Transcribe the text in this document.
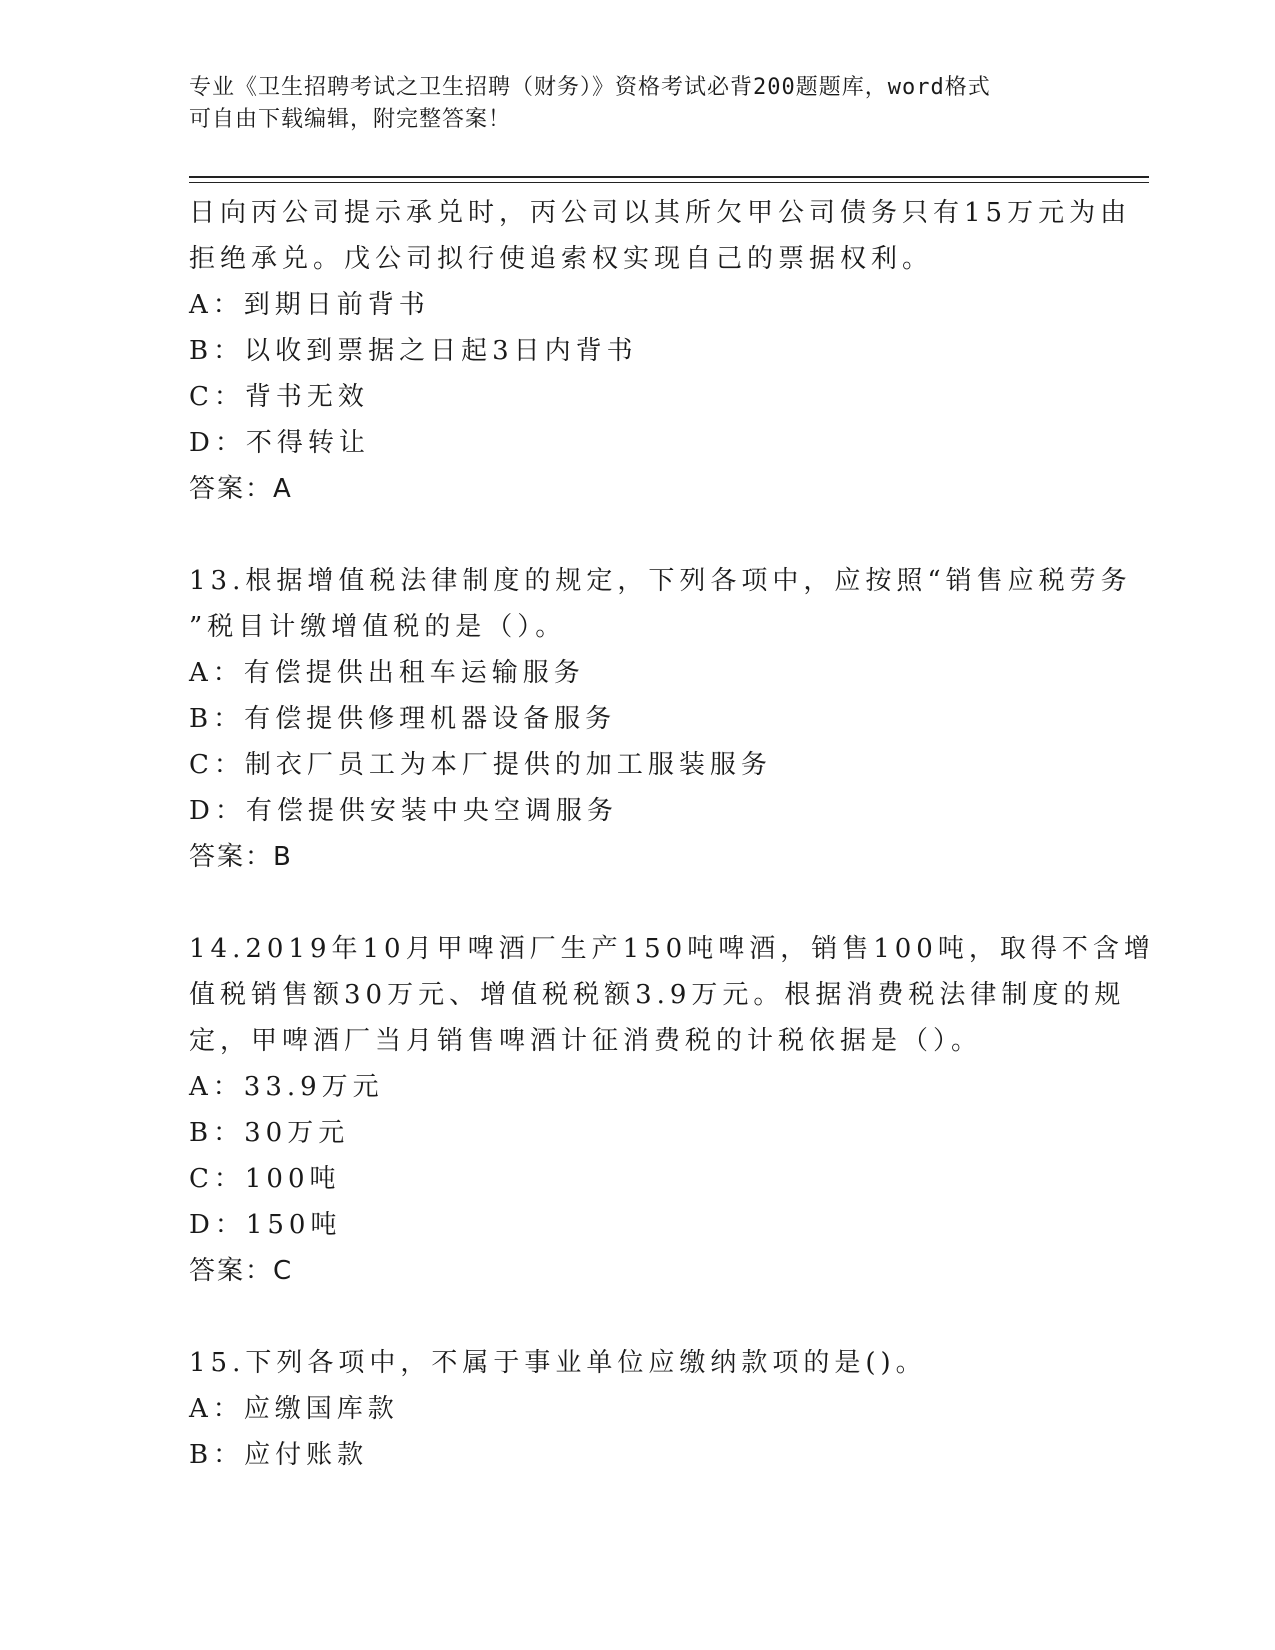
专业《卫生招聘考试之卫生招聘（财务）》资格考试必背200题题库，word格式
可自由下载编辑，附完整答案！
日向丙公司提示承兑时，丙公司以其所欠甲公司债务只有15万元为由
拒绝承兑。戊公司拟行使追索权实现自己的票据权利。
A：到期日前背书
B：以收到票据之日起3日内背书
C：背书无效
D：不得转让
答案：A
13.根据增值税法律制度的规定，下列各项中，应按照“销售应税劳务
”税目计缴增值税的是（）。
A：有偿提供出租车运输服务
B：有偿提供修理机器设备服务
C：制衣厂员工为本厂提供的加工服装服务
D：有偿提供安装中央空调服务
答案：B
14.2019年10月甲啤酒厂生产150吨啤酒，销售100吨，取得不含增
值税销售额30万元、增值税税额3.9万元。根据消费税法律制度的规
定，甲啤酒厂当月销售啤酒计征消费税的计税依据是（）。
A：33.9万元
B：30万元
C：100吨
D：150吨
答案：C
15.下列各项中，不属于事业单位应缴纳款项的是()。
A：应缴国库款
B：应付账款
